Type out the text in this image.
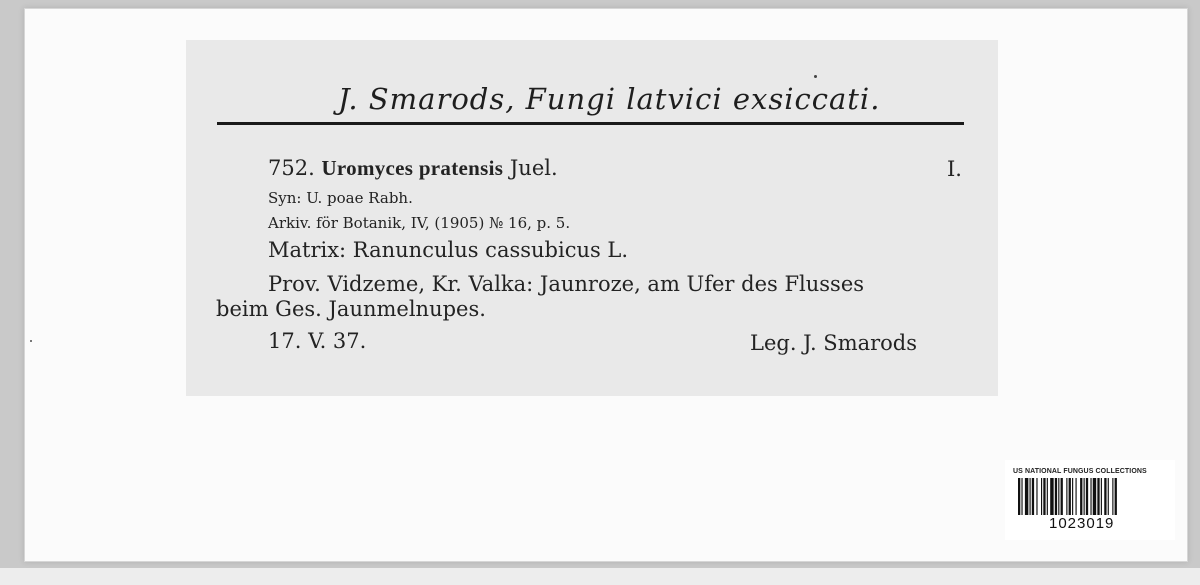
J. Smarods, Fungi latvici exsiccati.
752. Uromyces pratensis Juel.	I.
Syn: U. poae Rabh.
Arkiv. för Botanik, IV, (1905) № 16, p. 5.
Matrix: Ranunculus cassubicus L.
Prov. Vidzeme, Kr. Valka: Jaunroze, am Ufer des Flusses
beim Ges. Jaunmelnupes.
17. V. 37.	Leg. J. Smarods
US NATIONAL FUNGUS COLLECTIONS
1023019
